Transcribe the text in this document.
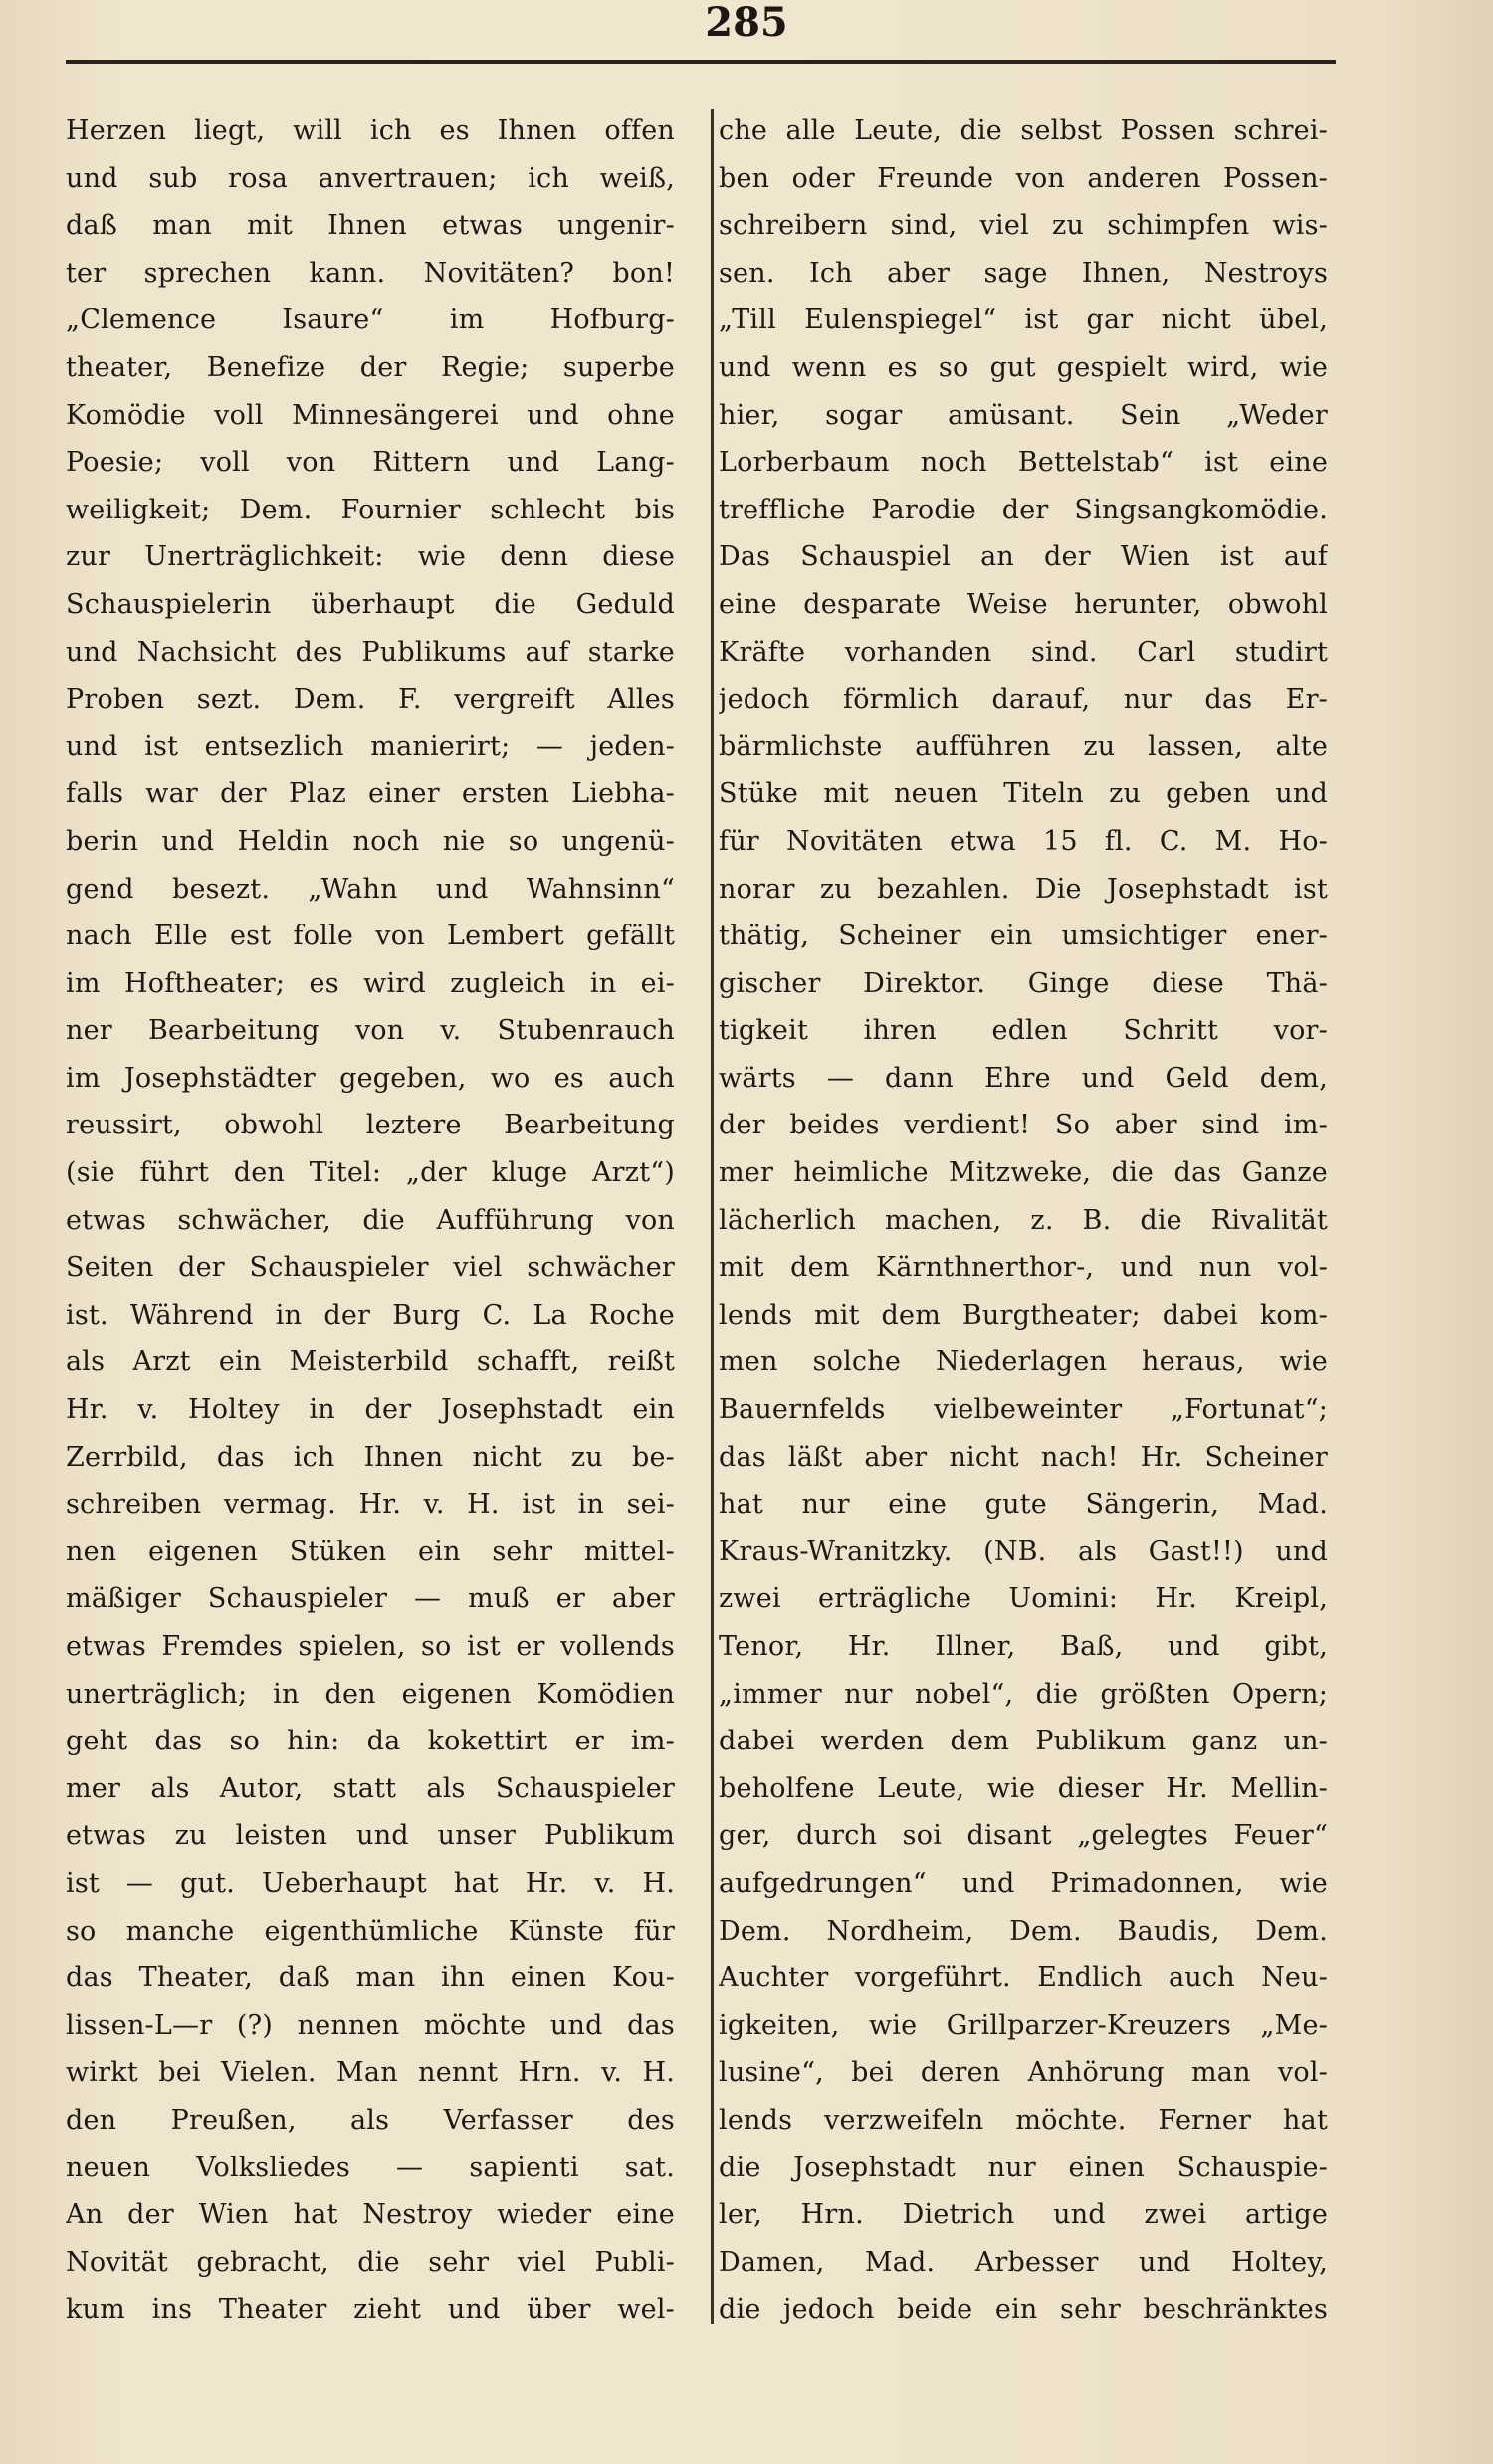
285
Herzen liegt, will ich es Ihnen offen
und sub rosa anvertrauen; ich weiß,
daß man mit Ihnen etwas ungenir-
ter sprechen kann. Novitäten? bon!
„Clemence Isaure“ im Hofburg-
theater, Benefize der Regie; superbe
Komödie voll Minnesängerei und ohne
Poesie; voll von Rittern und Lang-
weiligkeit; Dem. Fournier schlecht bis
zur Unerträglichkeit: wie denn diese
Schauspielerin überhaupt die Geduld
und Nachsicht des Publikums auf starke
Proben sezt. Dem. F. vergreift Alles
und ist entsezlich manierirt; — jeden-
falls war der Plaz einer ersten Liebha-
berin und Heldin noch nie so ungenü-
gend besezt. „Wahn und Wahnsinn“
nach Elle est folle von Lembert gefällt
im Hoftheater; es wird zugleich in ei-
ner Bearbeitung von v. Stubenrauch
im Josephstädter gegeben, wo es auch
reussirt, obwohl leztere Bearbeitung
(sie führt den Titel: „der kluge Arzt“)
etwas schwächer, die Aufführung von
Seiten der Schauspieler viel schwächer
ist. Während in der Burg C. La Roche
als Arzt ein Meisterbild schafft, reißt
Hr. v. Holtey in der Josephstadt ein
Zerrbild, das ich Ihnen nicht zu be-
schreiben vermag. Hr. v. H. ist in sei-
nen eigenen Stüken ein sehr mittel-
mäßiger Schauspieler — muß er aber
etwas Fremdes spielen, so ist er vollends
unerträglich; in den eigenen Komödien
geht das so hin: da kokettirt er im-
mer als Autor, statt als Schauspieler
etwas zu leisten und unser Publikum
ist — gut. Ueberhaupt hat Hr. v. H.
so manche eigenthümliche Künste für
das Theater, daß man ihn einen Kou-
lissen-L—r (?) nennen möchte und das
wirkt bei Vielen. Man nennt Hrn. v. H.
den Preußen, als Verfasser des
neuen Volksliedes — sapienti sat.
An der Wien hat Nestroy wieder eine
Novität gebracht, die sehr viel Publi-
kum ins Theater zieht und über wel-
che alle Leute, die selbst Possen schrei-
ben oder Freunde von anderen Possen-
schreibern sind, viel zu schimpfen wis-
sen. Ich aber sage Ihnen, Nestroys
„Till Eulenspiegel“ ist gar nicht übel,
und wenn es so gut gespielt wird, wie
hier, sogar amüsant. Sein „Weder
Lorberbaum noch Bettelstab“ ist eine
treffliche Parodie der Singsangkomödie.
Das Schauspiel an der Wien ist auf
eine desparate Weise herunter, obwohl
Kräfte vorhanden sind. Carl studirt
jedoch förmlich darauf, nur das Er-
bärmlichste aufführen zu lassen, alte
Stüke mit neuen Titeln zu geben und
für Novitäten etwa 15 fl. C. M. Ho-
norar zu bezahlen. Die Josephstadt ist
thätig, Scheiner ein umsichtiger ener-
gischer Direktor. Ginge diese Thä-
tigkeit ihren edlen Schritt vor-
wärts — dann Ehre und Geld dem,
der beides verdient! So aber sind im-
mer heimliche Mitzweke, die das Ganze
lächerlich machen, z. B. die Rivalität
mit dem Kärnthnerthor-, und nun vol-
lends mit dem Burgtheater; dabei kom-
men solche Niederlagen heraus, wie
Bauernfelds vielbeweinter „Fortunat“;
das läßt aber nicht nach! Hr. Scheiner
hat nur eine gute Sängerin, Mad.
Kraus-Wranitzky. (NB. als Gast!!) und
zwei erträgliche Uomini: Hr. Kreipl,
Tenor, Hr. Illner, Baß, und gibt,
„immer nur nobel“, die größten Opern;
dabei werden dem Publikum ganz un-
beholfene Leute, wie dieser Hr. Mellin-
ger, durch soi disant „gelegtes Feuer“
aufgedrungen“ und Primadonnen, wie
Dem. Nordheim, Dem. Baudis, Dem.
Auchter vorgeführt. Endlich auch Neu-
igkeiten, wie Grillparzer-Kreuzers „Me-
lusine“, bei deren Anhörung man vol-
lends verzweifeln möchte. Ferner hat
die Josephstadt nur einen Schauspie-
ler, Hrn. Dietrich und zwei artige
Damen, Mad. Arbesser und Holtey,
die jedoch beide ein sehr beschränktes
